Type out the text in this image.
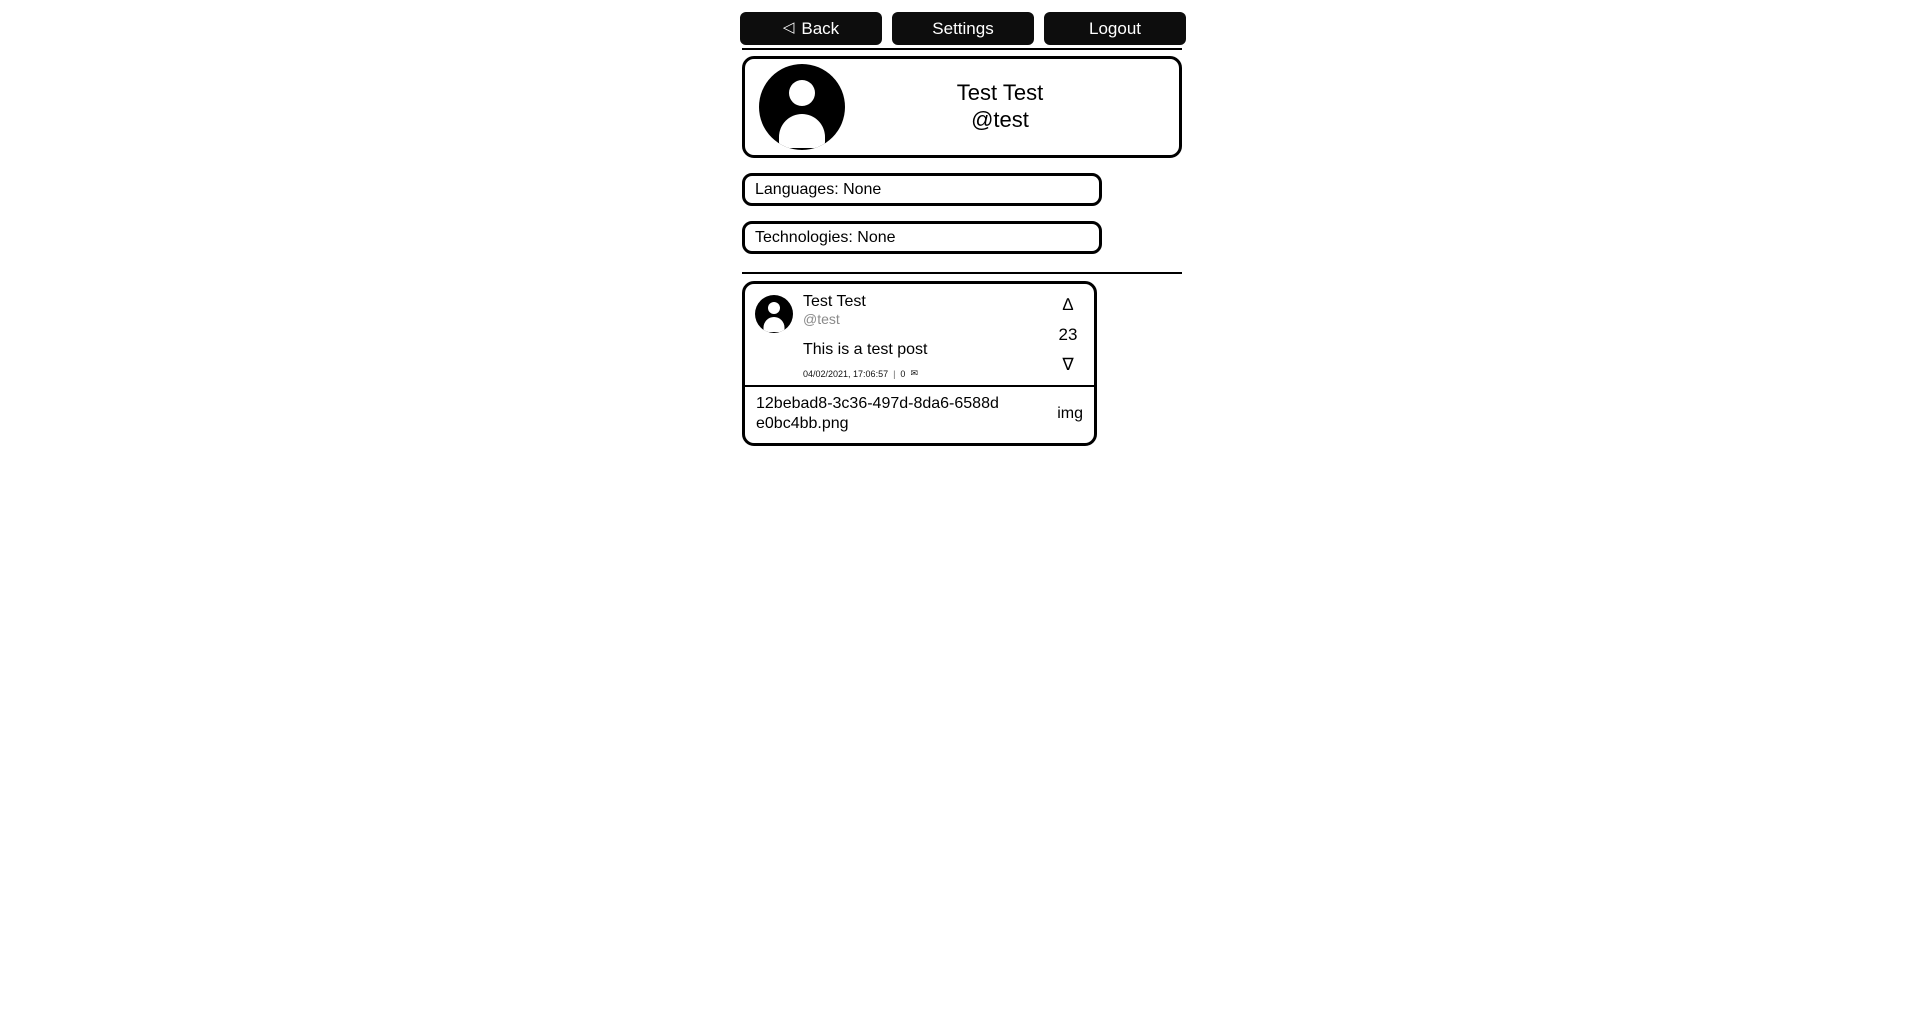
◁ Back	Settings	Logout
Test Test
@test
Languages: None
Technologies: None
Test Test
@test
This is a test post
04/02/2021, 17:06:57 | 0 ✉
∆
23
∇
12bebad8-3c36-497d-8da6-6588de0bc4bb.png
img
